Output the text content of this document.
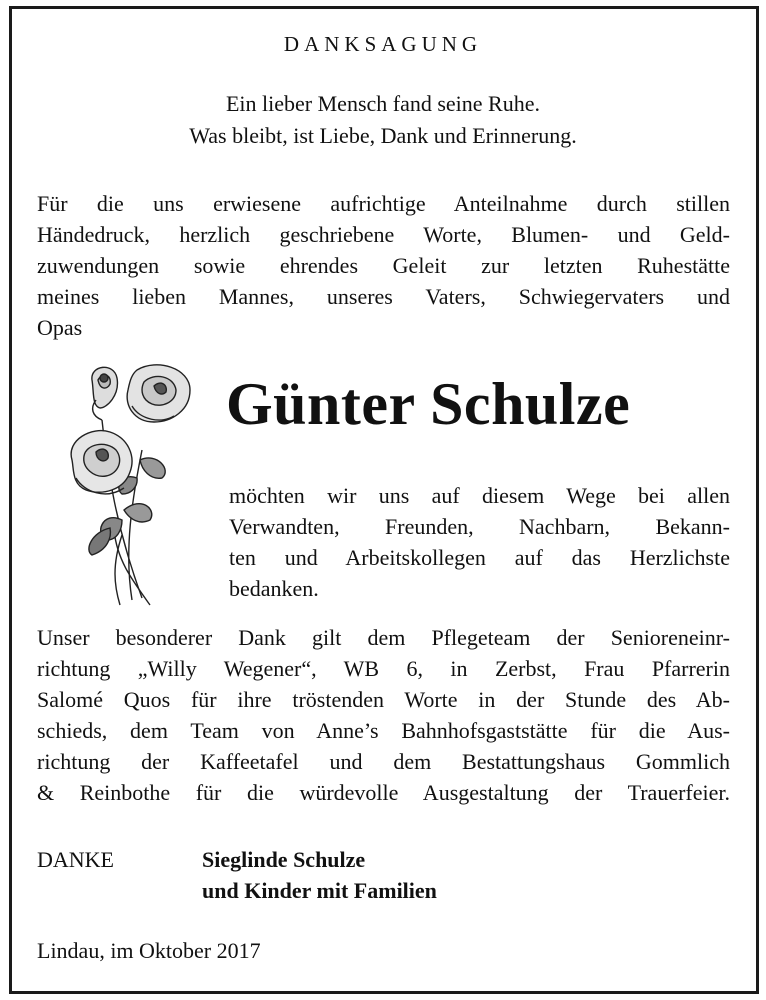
DANKSAGUNG
Ein lieber Mensch fand seine Ruhe.
Was bleibt, ist Liebe, Dank und Erinnerung.
Für die uns erwiesene aufrichtige Anteilnahme durch stillen
Händedruck, herzlich geschriebene Worte, Blumen- und Geld-
zuwendungen sowie ehrendes Geleit zur letzten Ruhestätte
meines lieben Mannes, unseres Vaters, Schwiegervaters und
Opas
Günter Schulze
möchten wir uns auf diesem Wege bei allen
Verwandten, Freunden, Nachbarn, Bekann-
ten und Arbeitskollegen auf das Herzlichste
bedanken.
Unser besonderer Dank gilt dem Pflegeteam der Senioreneinr-
richtung „Willy Wegener“, WB 6, in Zerbst, Frau Pfarrerin
Salomé Quos für ihre tröstenden Worte in der Stunde des Ab-
schieds, dem Team von Anne’s Bahnhofsgaststätte für die Aus-
richtung der Kaffeetafel und dem Bestattungshaus Gommlich
& Reinbothe für die würdevolle Ausgestaltung der Trauerfeier.
DANKE	Sieglinde Schulze
und Kinder mit Familien
Lindau, im Oktober 2017
